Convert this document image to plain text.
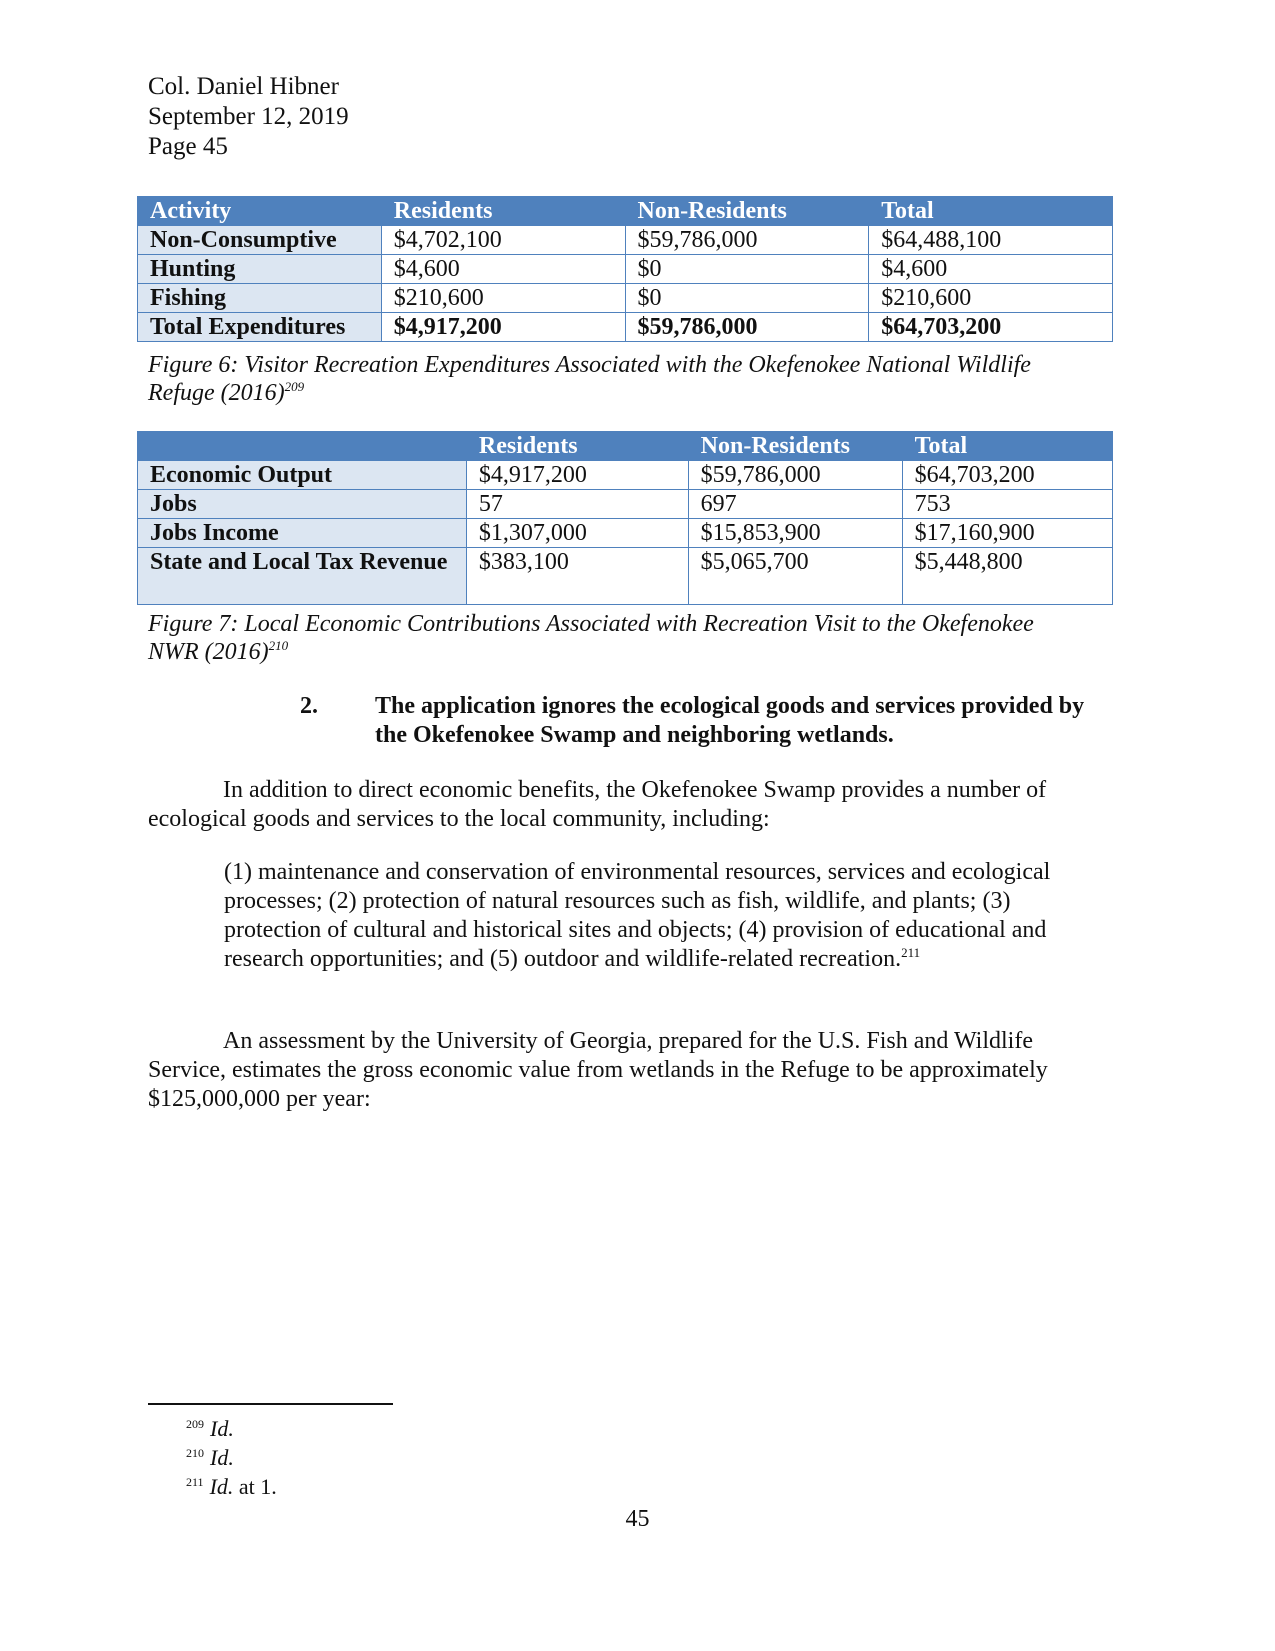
Col. Daniel Hibner
September 12, 2019
Page 45
Activity	Residents	Non-Residents	Total
Non-Consumptive	$4,702,100	$59,786,000	$64,488,100
Hunting	$4,600	$0	$4,600
Fishing	$210,600	$0	$210,600
Total Expenditures	$4,917,200	$59,786,000	$64,703,200
Figure 6: Visitor Recreation Expenditures Associated with the Okefenokee National Wildlife
Refuge $(2016)^{209}$
	Residents	Non-Residents	Total
Economic Output	$4,917,200	$59,786,000	$64,703,200
Jobs	57	697	753
Jobs Income	$1,307,000	$15,853,900	$17,160,900
State and Local Tax Revenue	$383,100	$5,065,700	$5,448,800
Figure 7: Local Economic Contributions Associated with Recreation Visit to the Okefenokee
NWR $(2016)^{210}$
2. The application ignores the ecological goods and services provided by the Okefenokee Swamp and neighboring wetlands.
In addition to direct economic benefits, the Okefenokee Swamp provides a number of ecological goods and services to the local community, including:
(1) maintenance and conservation of environmental resources, services and ecological processes; (2) protection of natural resources such as fish, wildlife, and plants; (3) protection of cultural and historical sites and objects; (4) provision of educational and research opportunities; and (5) outdoor and wildlife-related recreation.$^{211}$
An assessment by the University of Georgia, prepared for the U.S. Fish and Wildlife Service, estimates the gross economic value from wetlands in the Refuge to be approximately $125,000,000 per year:
$^{209}$ Id.
$^{210}$ Id.
$^{211}$ Id. at 1.
45
